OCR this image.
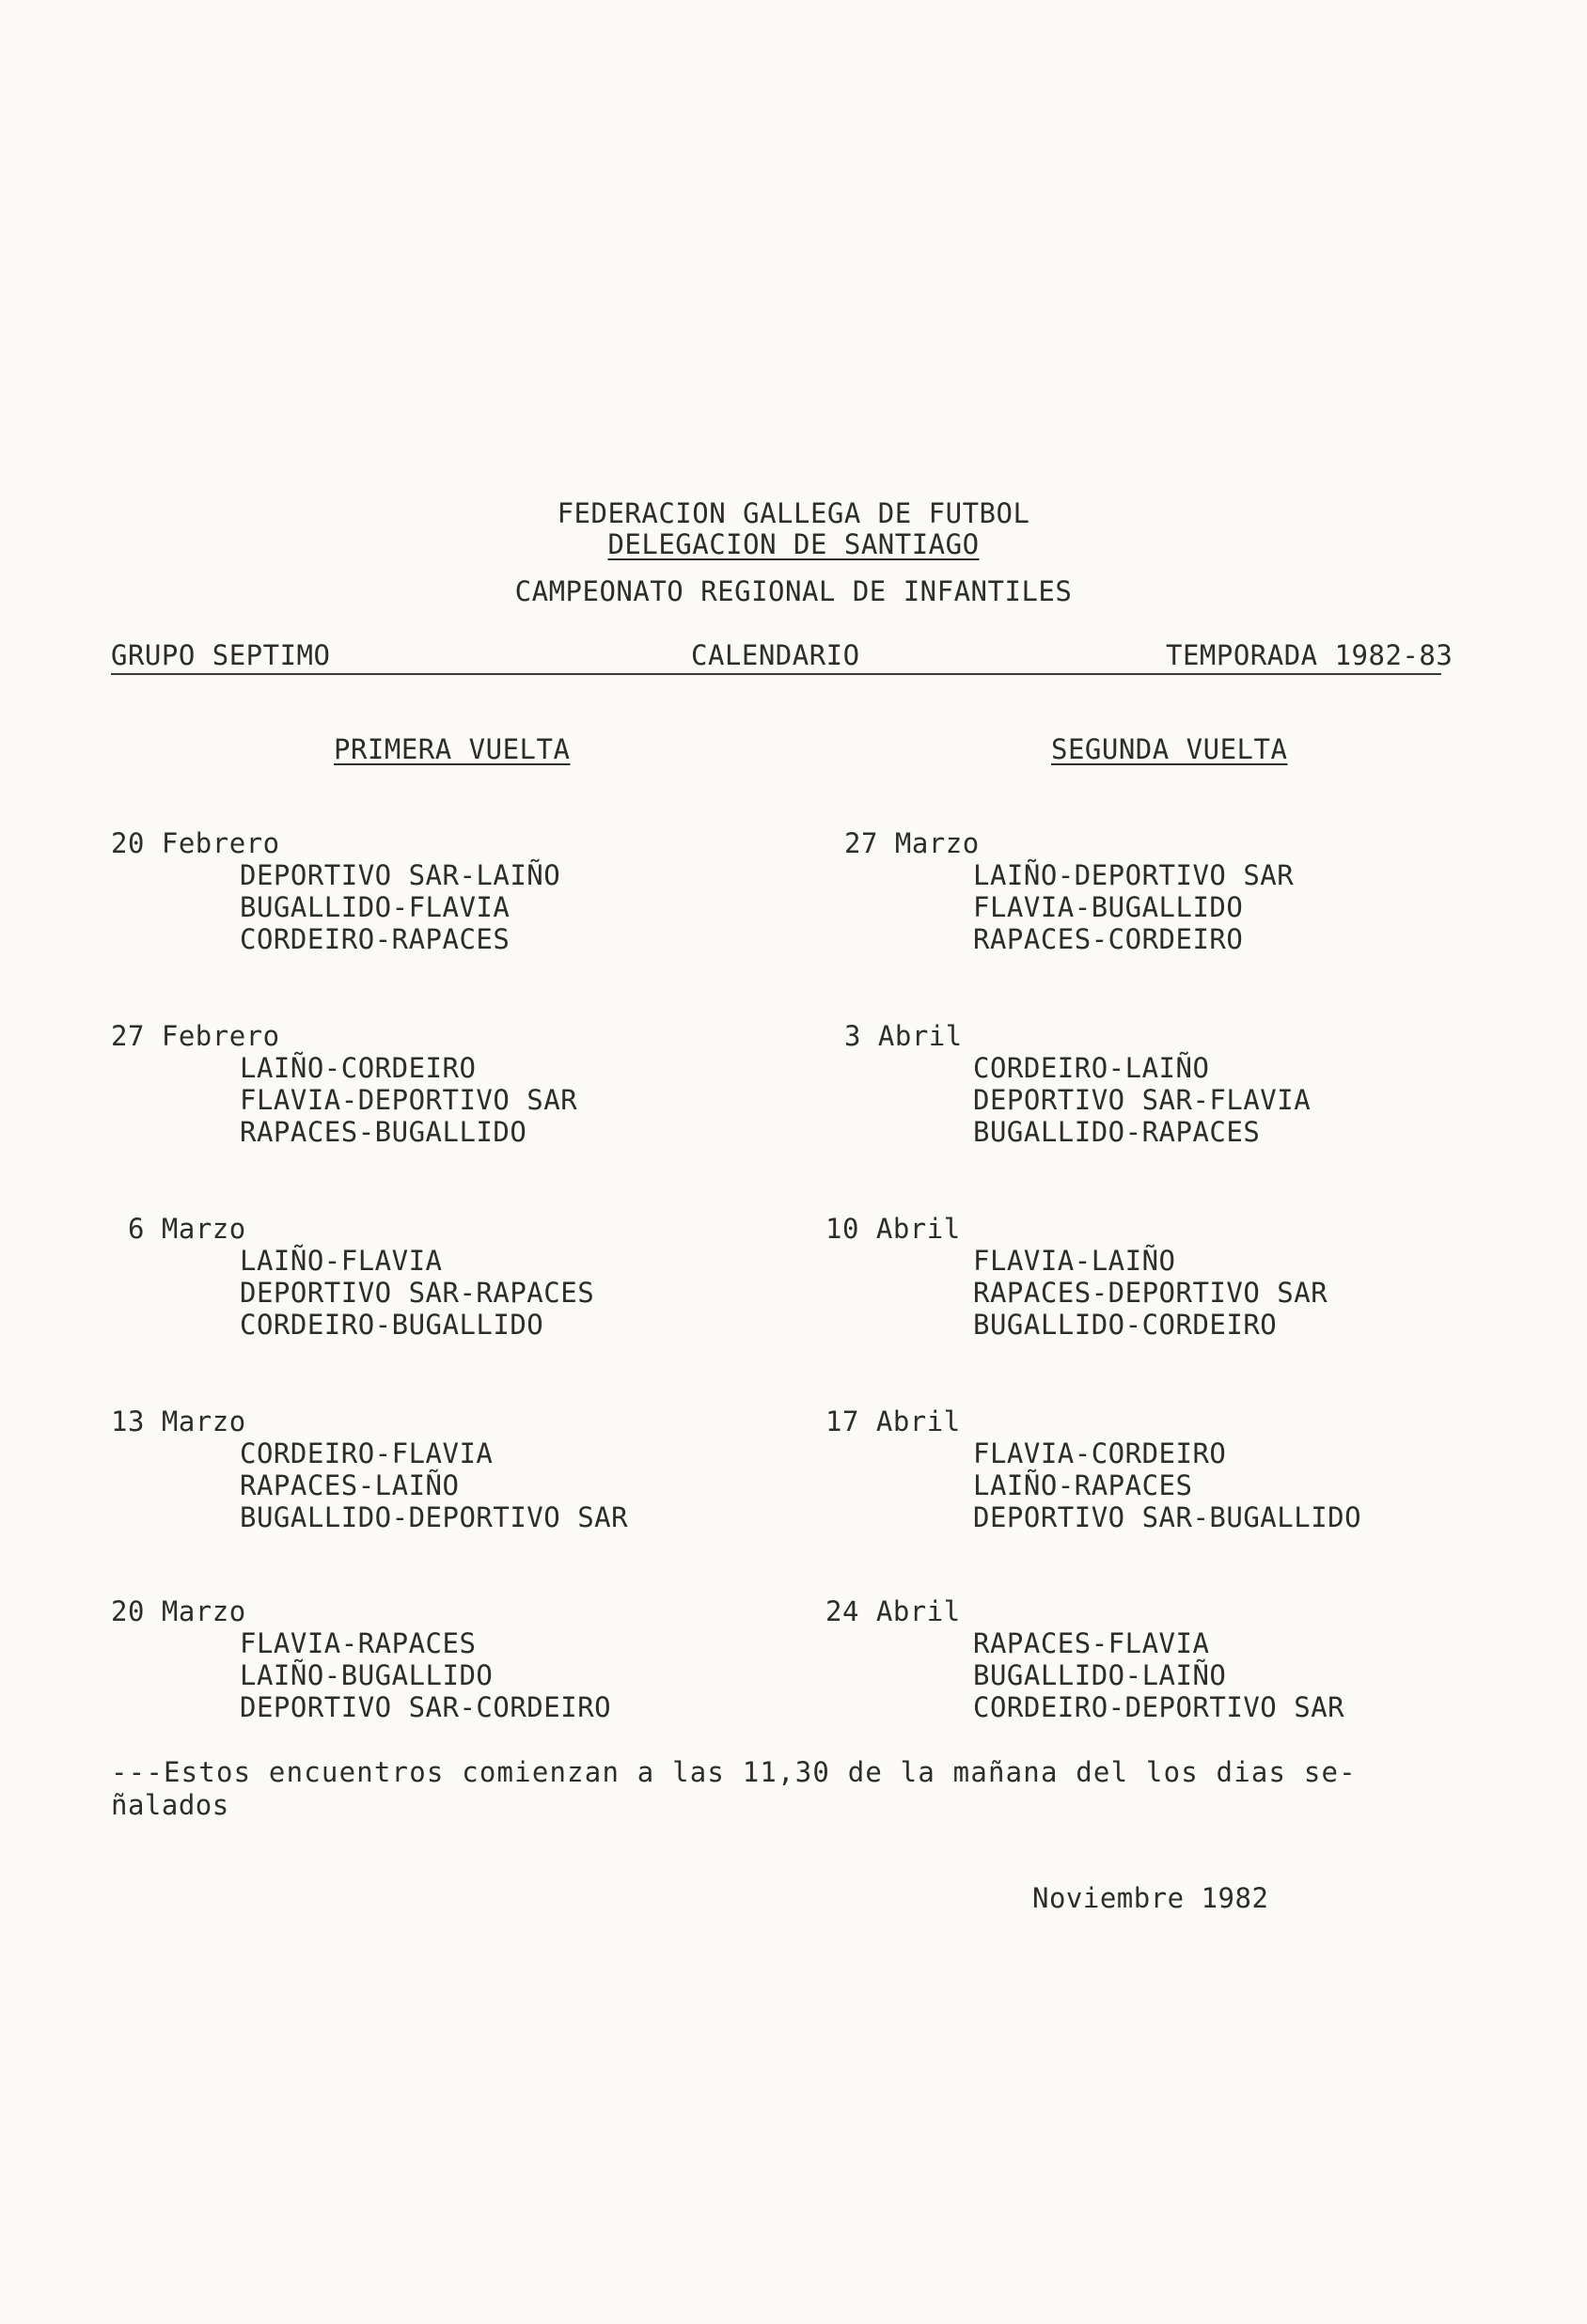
FEDERACION GALLEGA DE FUTBOL
DELEGACION DE SANTIAGO
CAMPEONATO REGIONAL DE INFANTILES
GRUPO SEPTIMO	CALENDARIO	TEMPORADA 1982-83
PRIMERA VUELTA	SEGUNDA VUELTA
20 Febrero
DEPORTIVO SAR-LAIÑO
BUGALLIDO-FLAVIA
CORDEIRO-RAPACES
27 Febrero
LAIÑO-CORDEIRO
FLAVIA-DEPORTIVO SAR
RAPACES-BUGALLIDO
6 Marzo
LAIÑO-FLAVIA
DEPORTIVO SAR-RAPACES
CORDEIRO-BUGALLIDO
13 Marzo
CORDEIRO-FLAVIA
RAPACES-LAIÑO
BUGALLIDO-DEPORTIVO SAR
20 Marzo
FLAVIA-RAPACES
LAIÑO-BUGALLIDO
DEPORTIVO SAR-CORDEIRO
27 Marzo
LAIÑO-DEPORTIVO SAR
FLAVIA-BUGALLIDO
RAPACES-CORDEIRO
3 Abril
CORDEIRO-LAIÑO
DEPORTIVO SAR-FLAVIA
BUGALLIDO-RAPACES
10 Abril
FLAVIA-LAIÑO
RAPACES-DEPORTIVO SAR
BUGALLIDO-CORDEIRO
17 Abril
FLAVIA-CORDEIRO
LAIÑO-RAPACES
DEPORTIVO SAR-BUGALLIDO
24 Abril
RAPACES-FLAVIA
BUGALLIDO-LAIÑO
CORDEIRO-DEPORTIVO SAR
---Estos encuentros comienzan a las 11,30 de la mañana del los dias se-
ñalados
Noviembre 1982
